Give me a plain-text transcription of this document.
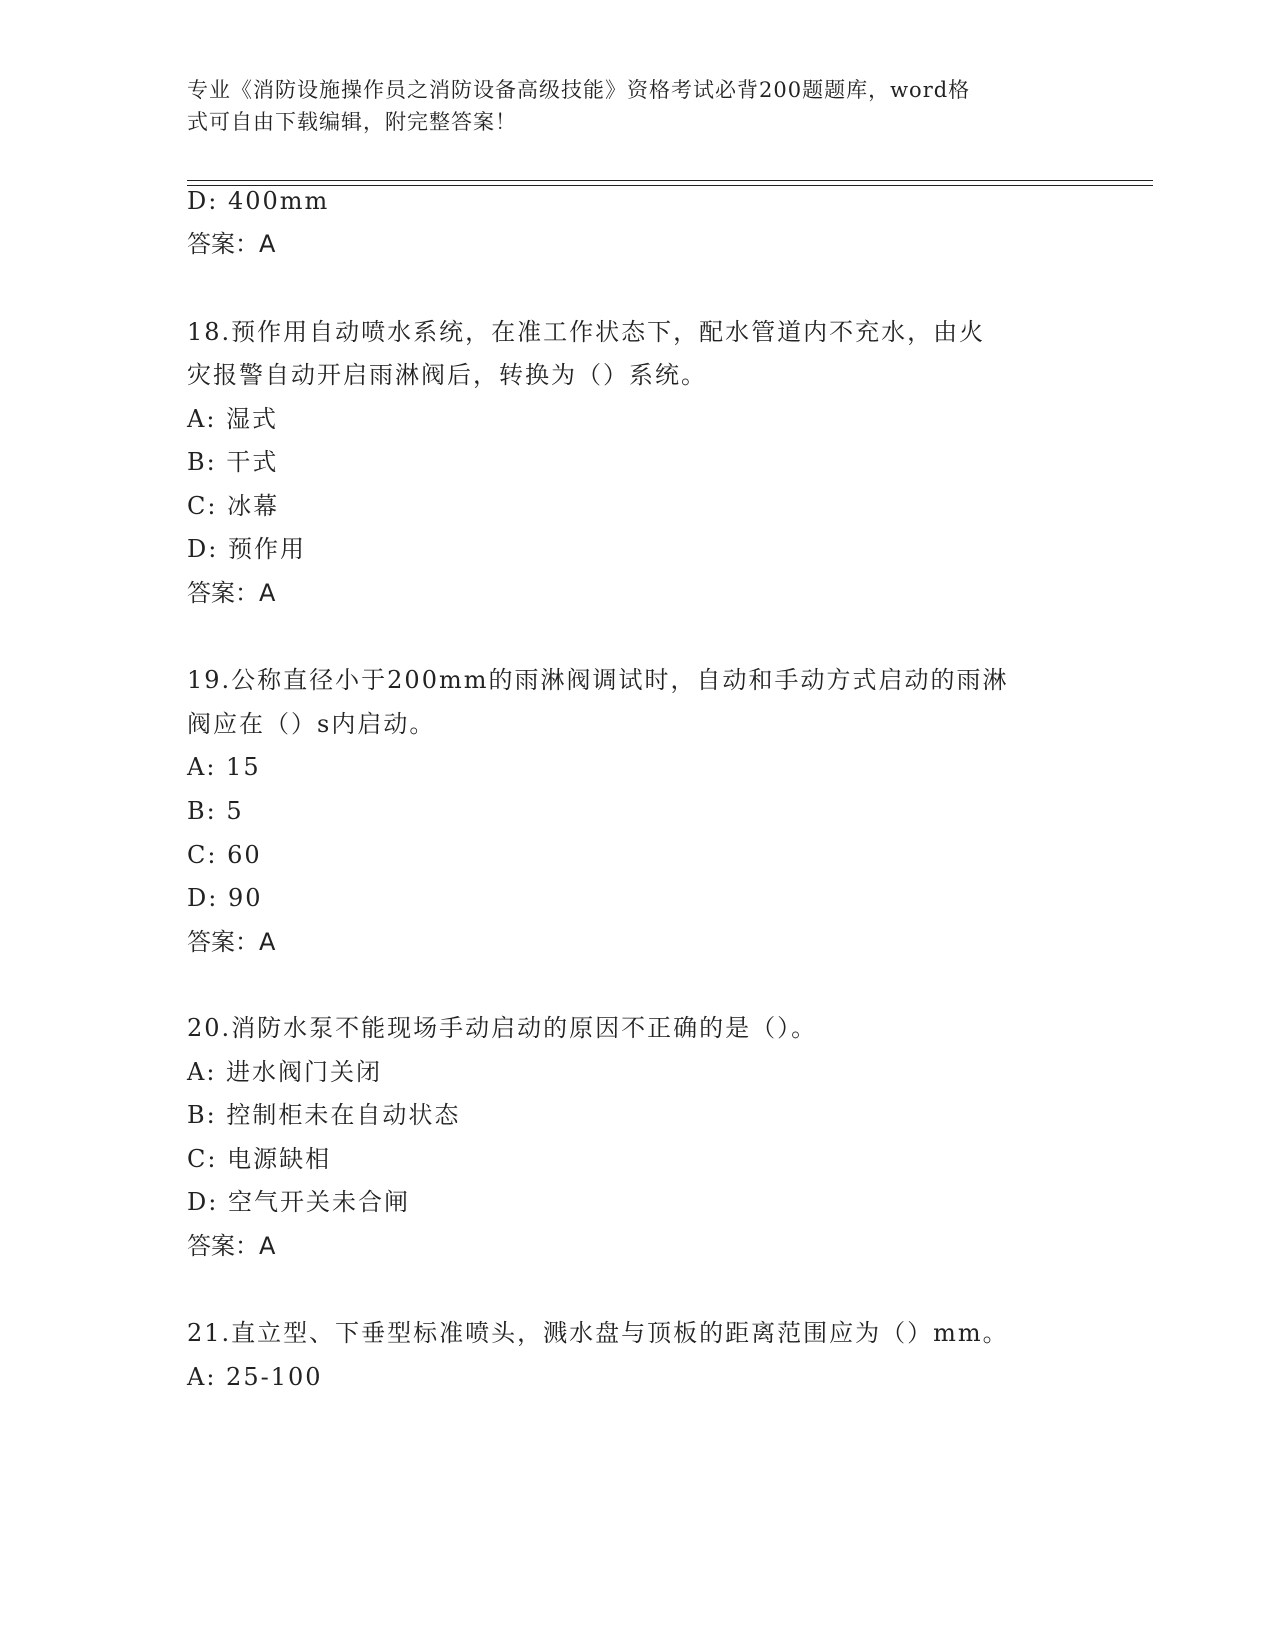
专业《消防设施操作员之消防设备高级技能》资格考试必背200题题库，word格
式可自由下载编辑，附完整答案！
D: 400mm
答案：A
18.预作用自动喷水系统，在准工作状态下，配水管道内不充水，由火
灾报警自动开启雨淋阀后，转换为（）系统。
A: 湿式
B: 干式
C: 冰幕
D: 预作用
答案：A
19.公称直径小于200mm的雨淋阀调试时，自动和手动方式启动的雨淋
阀应在（）s内启动。
A: 15
B: 5
C: 60
D: 90
答案：A
20.消防水泵不能现场手动启动的原因不正确的是（）。
A: 进水阀门关闭
B: 控制柜未在自动状态
C: 电源缺相
D: 空气开关未合闸
答案：A
21.直立型、下垂型标准喷头，溅水盘与顶板的距离范围应为（）mm。
A: 25-100
